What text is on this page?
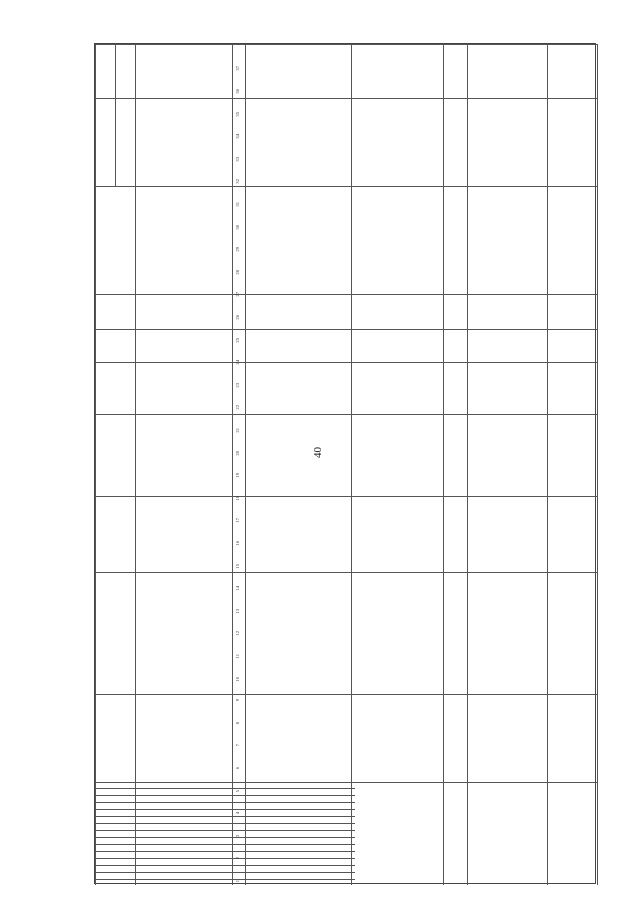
40
1
2
3
4
5
6
7
8
9
10
11
12
13
14
15
16
17
18
19
20
21
22
23
24
25
26
27
28
29
30
31
32
33
34
35
36
37
